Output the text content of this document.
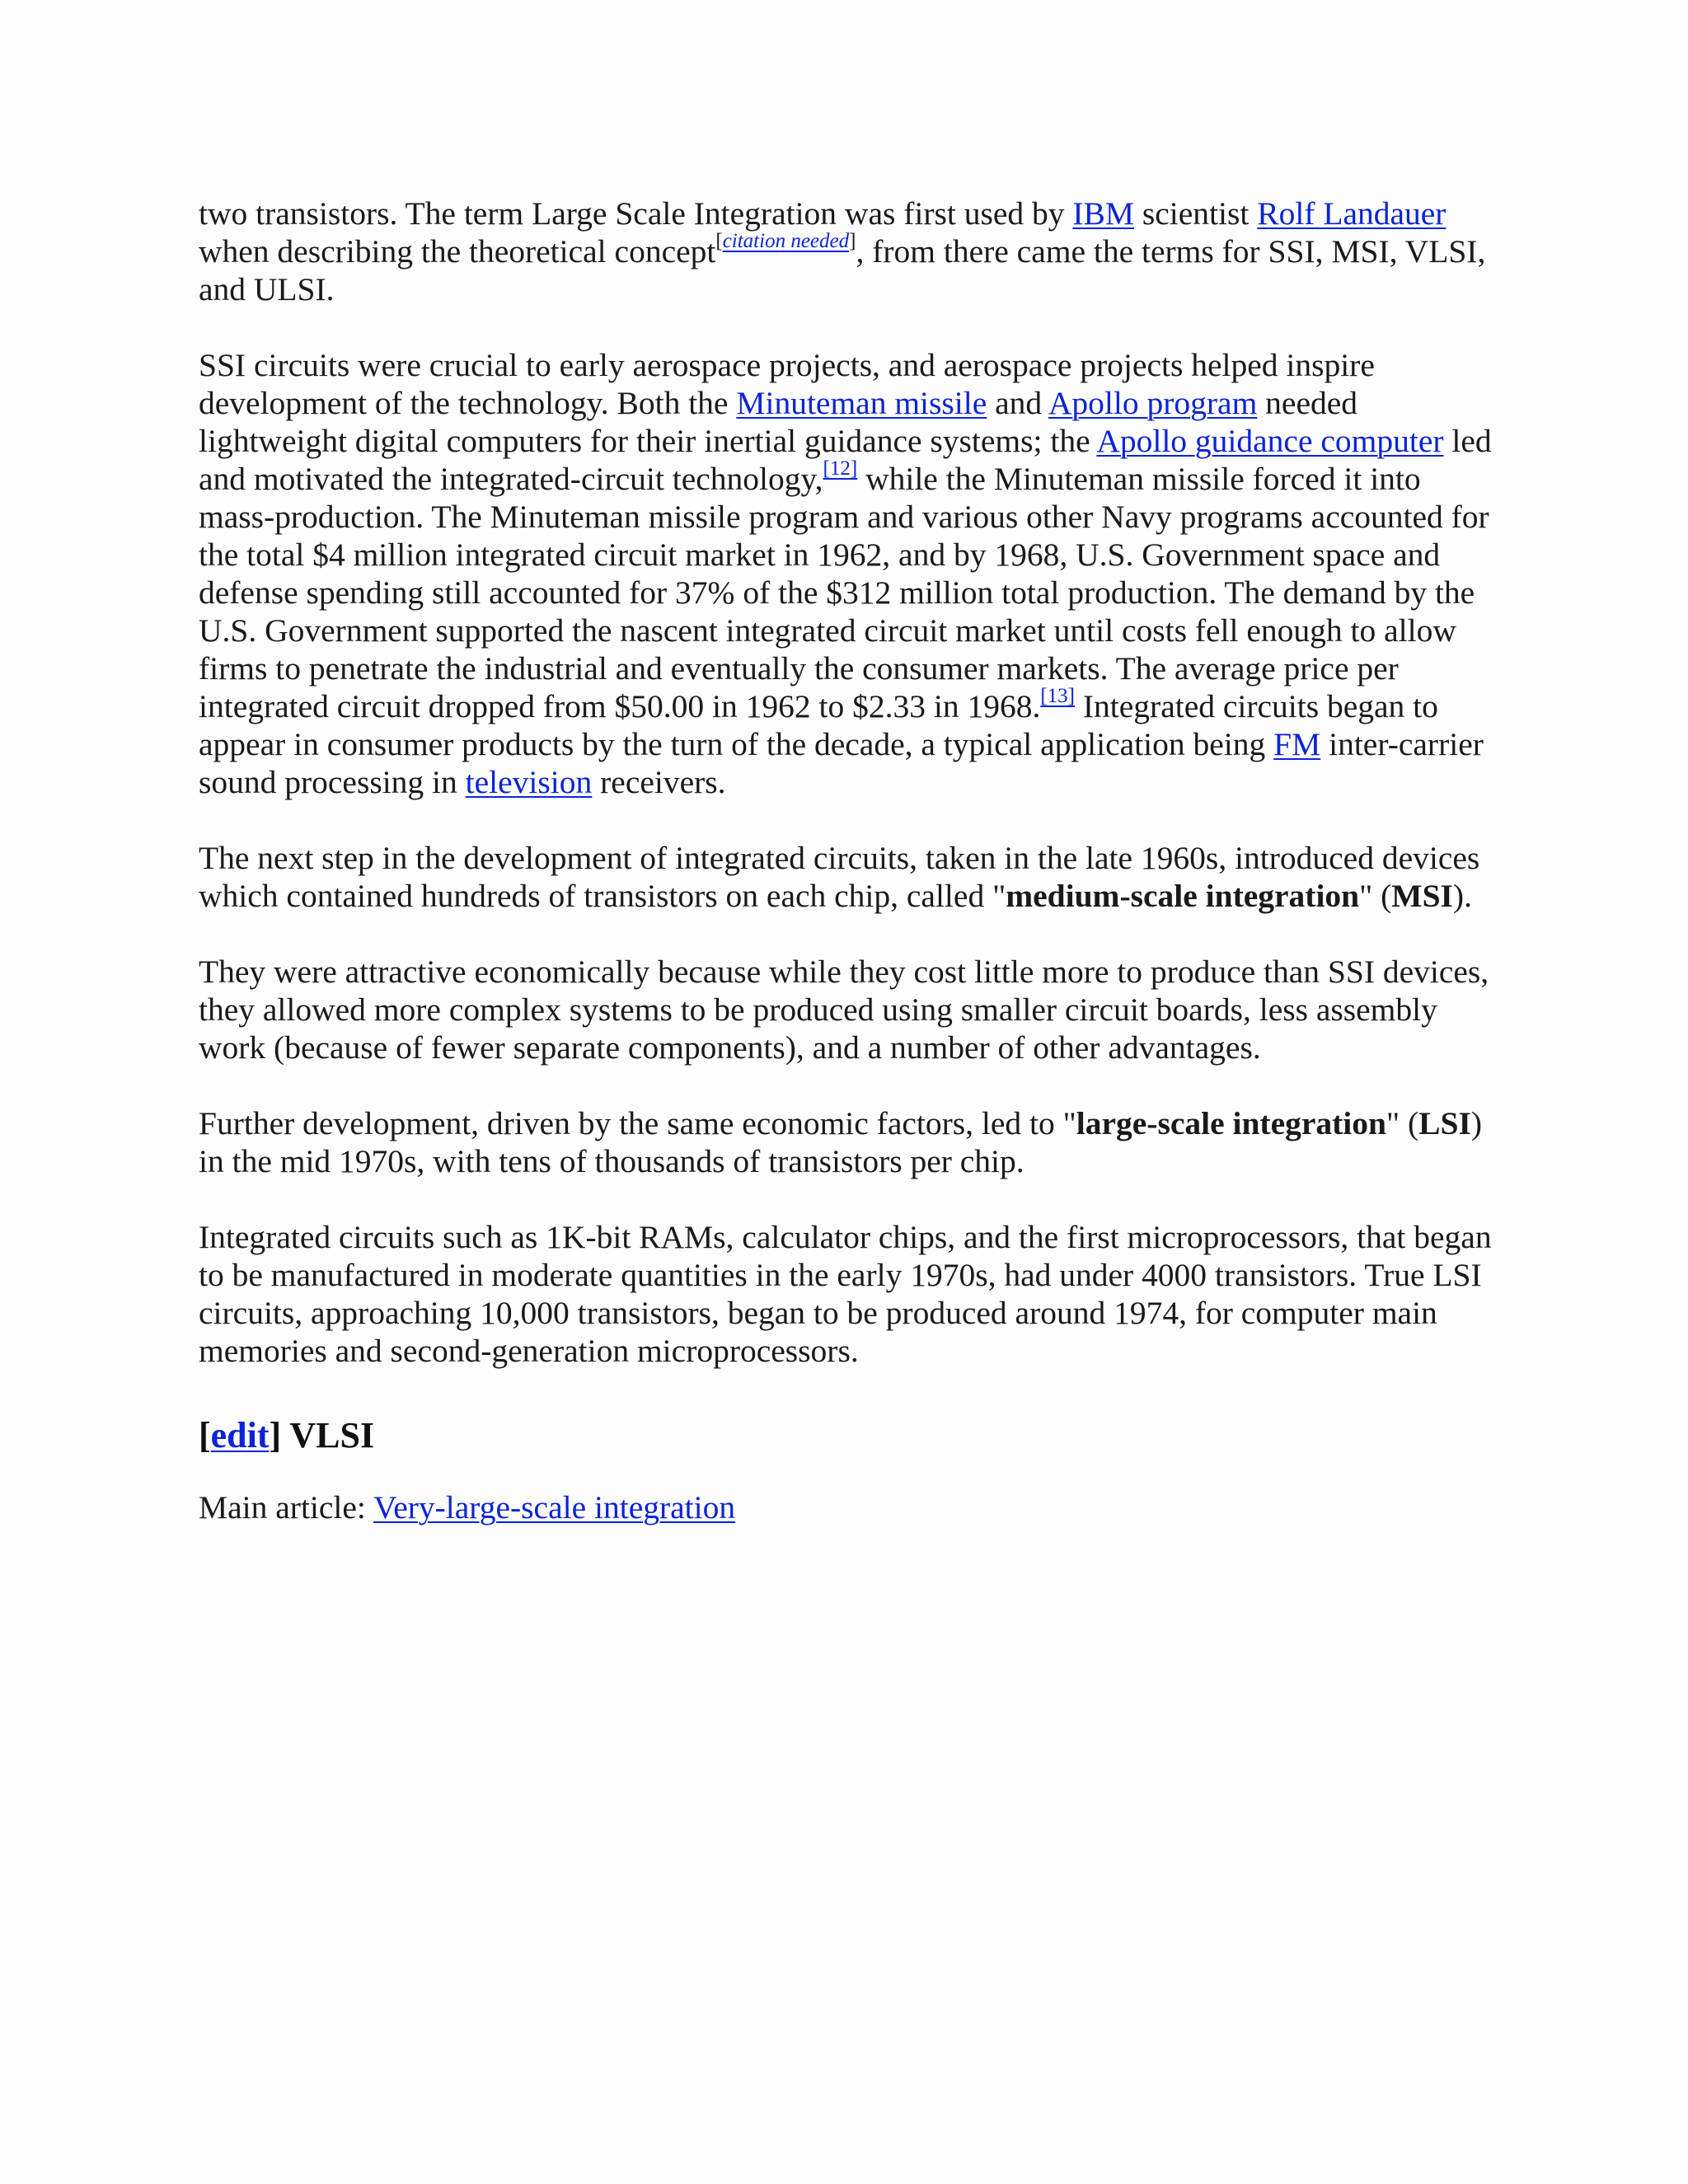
two transistors. The term Large Scale Integration was first used by IBM scientist Rolf Landauer when describing the theoretical concept[citation needed], from there came the terms for SSI, MSI, VLSI, and ULSI.

SSI circuits were crucial to early aerospace projects, and aerospace projects helped inspire development of the technology. Both the Minuteman missile and Apollo program needed lightweight digital computers for their inertial guidance systems; the Apollo guidance computer led and motivated the integrated-circuit technology,[12] while the Minuteman missile forced it into mass-production. The Minuteman missile program and various other Navy programs accounted for the total $4 million integrated circuit market in 1962, and by 1968, U.S. Government space and defense spending still accounted for 37% of the $312 million total production. The demand by the U.S. Government supported the nascent integrated circuit market until costs fell enough to allow firms to penetrate the industrial and eventually the consumer markets. The average price per integrated circuit dropped from $50.00 in 1962 to $2.33 in 1968.[13] Integrated circuits began to appear in consumer products by the turn of the decade, a typical application being FM inter-carrier sound processing in television receivers.

The next step in the development of integrated circuits, taken in the late 1960s, introduced devices which contained hundreds of transistors on each chip, called "medium-scale integration" (MSI).

They were attractive economically because while they cost little more to produce than SSI devices, they allowed more complex systems to be produced using smaller circuit boards, less assembly work (because of fewer separate components), and a number of other advantages.

Further development, driven by the same economic factors, led to "large-scale integration" (LSI) in the mid 1970s, with tens of thousands of transistors per chip.

Integrated circuits such as 1K-bit RAMs, calculator chips, and the first microprocessors, that began to be manufactured in moderate quantities in the early 1970s, had under 4000 transistors. True LSI circuits, approaching 10,000 transistors, began to be produced around 1974, for computer main memories and second-generation microprocessors.

[edit] VLSI

Main article: Very-large-scale integration
